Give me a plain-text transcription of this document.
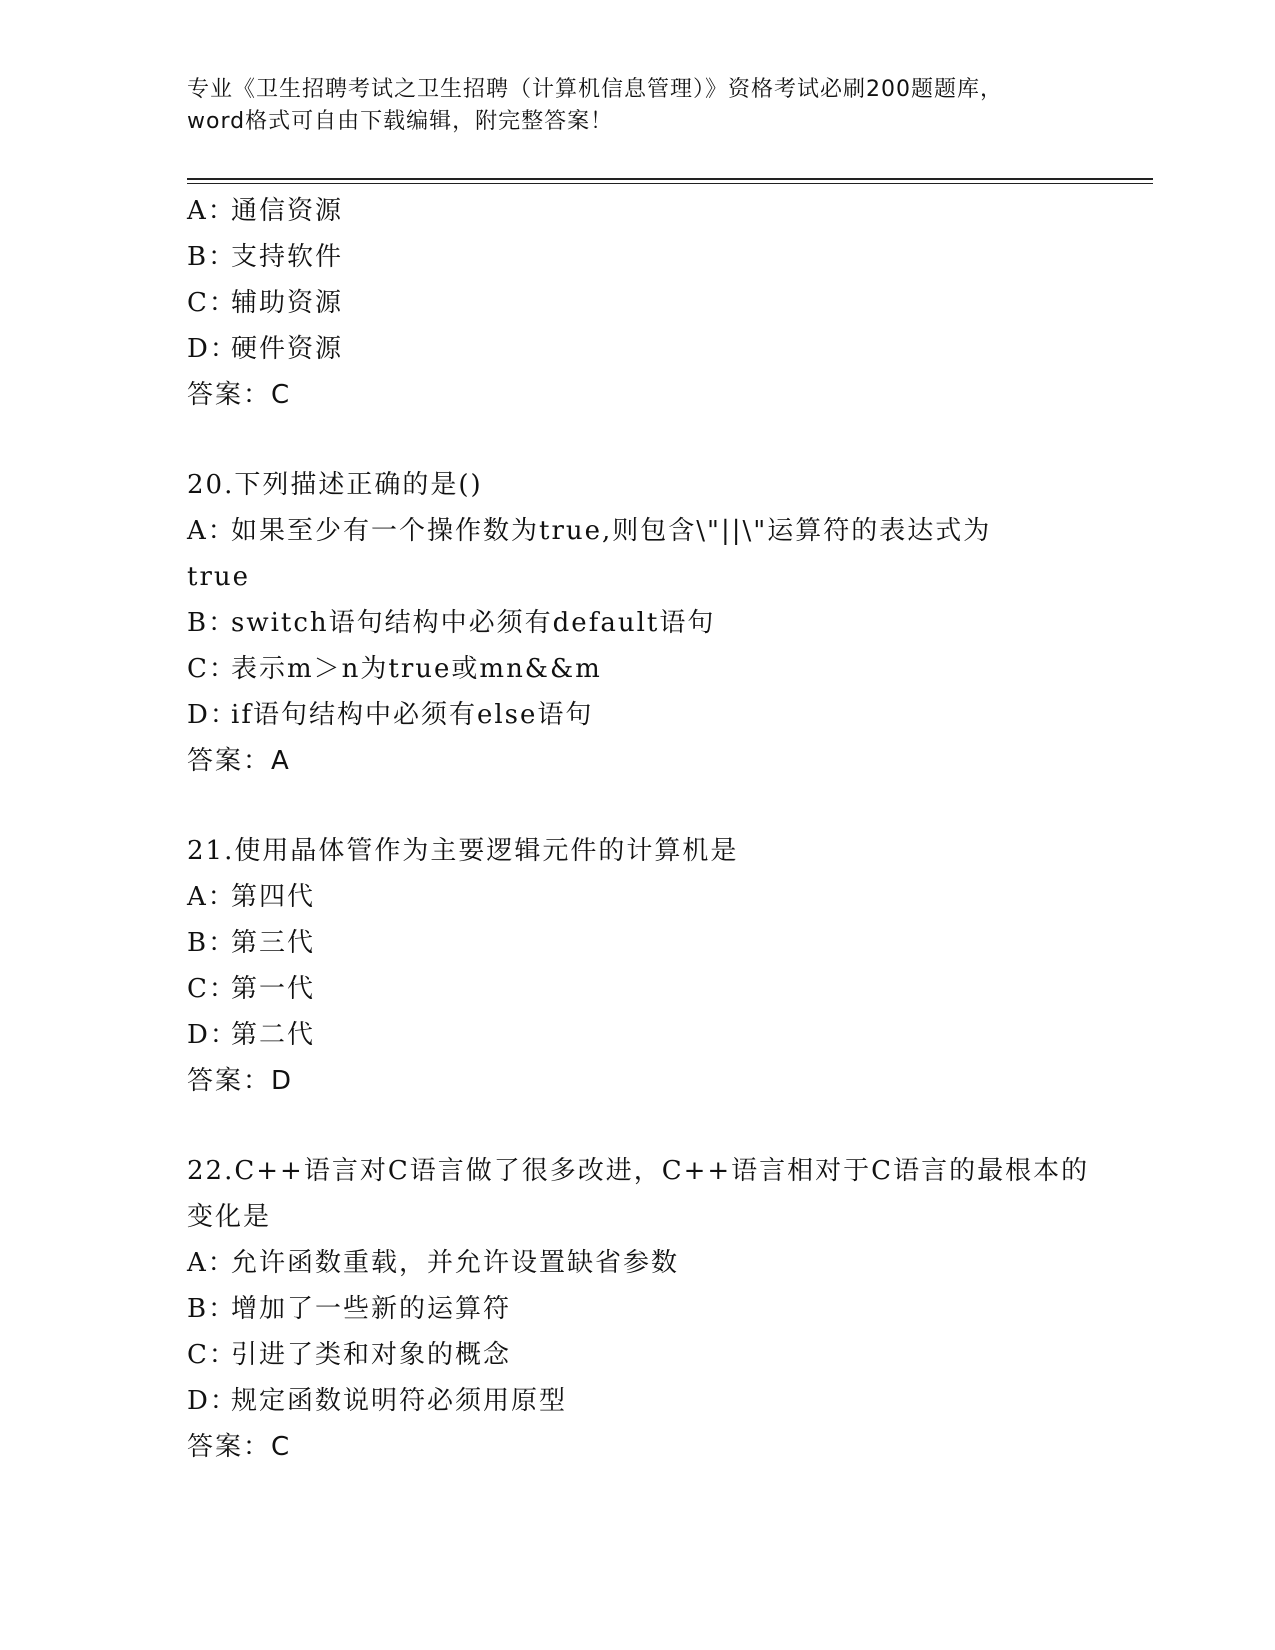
专业《卫生招聘考试之卫生招聘（计算机信息管理）》资格考试必刷200题题库，
word格式可自由下载编辑，附完整答案！
A：通信资源
B：支持软件
C：辅助资源
D：硬件资源
答案：C
20.下列描述正确的是()
A：如果至少有一个操作数为true,则包含\"||\"运算符的表达式为
true
B：switch语句结构中必须有default语句
C：表示m＞n为true或mn&&m
D：if语句结构中必须有else语句
答案：A
21.使用晶体管作为主要逻辑元件的计算机是
A：第四代
B：第三代
C：第一代
D：第二代
答案：D
22.C++语言对C语言做了很多改进，C++语言相对于C语言的最根本的
变化是
A：允许函数重载，并允许设置缺省参数
B：增加了一些新的运算符
C：引进了类和对象的概念
D：规定函数说明符必须用原型
答案：C
